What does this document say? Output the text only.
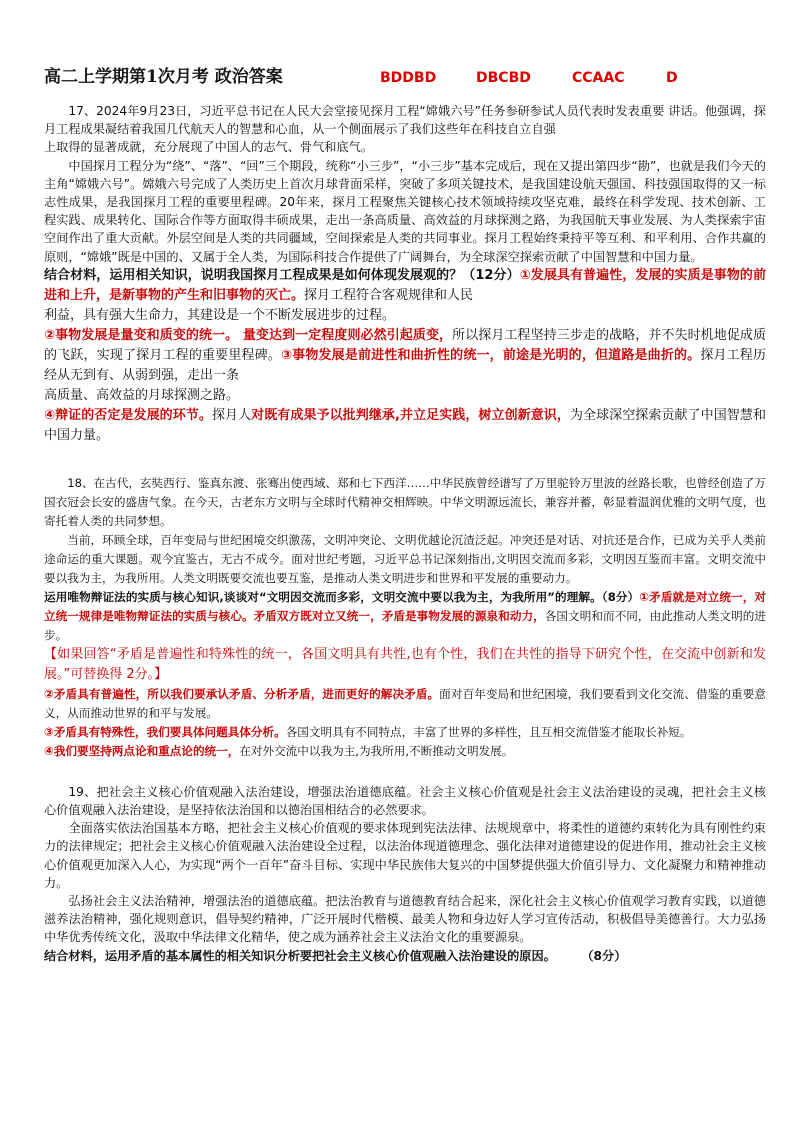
高二上学期第1次月考 政治答案	BDDBD	DBCBD	CCAAC	D

17、2024年9月23日，习近平总书记在人民大会堂接见探月工程“嫦娥六号”任务参研参试人员代表时发表重要 讲话。他强调，探月工程成果凝结着我国几代航天人的智慧和心血，从一个侧面展示了我们这些年在科技自立自强

上取得的显著成就，充分展现了中国人的志气、骨气和底气。

中国探月工程分为“绕”、“落”、“回”三个期段，统称“小三步”，“小三步”基本完成后，现在又提出第四步“勘”，也就是我们今天的主角“嫦娥六号”。嫦娥六号完成了人类历史上首次月球背面采样，突破了多项关键技术，是我国建设航天强国、科技强国取得的又一标志性成果，是我国探月工程的重要里程碑。20年来，探月工程聚焦关键核心技术领域持续攻坚克难，最终在科学发现、技术创新、工程实践、成果转化、国际合作等方面取得丰硕成果，走出一条高质量、高效益的月球探测之路，为我国航天事业发展、为人类探索宇宙空间作出了重大贡献。外层空间是人类的共同疆域，空间探索是人类的共同事业。探月工程始终秉持平等互利、和平利用、合作共赢的原则，“嫦娥”既是中国的、又属于全人类，为国际科技合作提供了广阔舞台，为全球深空探索贡献了中国智慧和中国力量。

结合材料，运用相关知识，说明我国探月工程成果是如何体现发展观的？（12分）①发展具有普遍性，发展的实质是事物的前进和上升，是新事物的产生和旧事物的灭亡。探月工程符合客观规律和人民

利益，具有强大生命力，其建设是一个不断发展进步的过程。

②事物发展是量变和质变的统一。 量变达到一定程度则必然引起质变，所以探月工程坚持三步走的战略，并不失时机地促成质的飞跃，实现了探月工程的重要里程碑。③事物发展是前进性和曲折性的统一，前途是光明的，但道路是曲折的。探月工程历经从无到有、从弱到强，走出一条

高质量、高效益的月球探测之路。

④辩证的否定是发展的环节。探月人对既有成果予以批判继承,并立足实践，树立创新意识，为全球深空探索贡献了中国智慧和中国力量。

18、在古代，玄奘西行、鉴真东渡、张骞出使西域、郑和七下西洋……中华民族曾经谱写了万里驼铃万里波的丝路长歌，也曾经创造了万国衣冠会长安的盛唐气象。在今天，古老东方文明与全球时代精神交相辉映。中华文明源远流长，兼容并蓄，彰显着温润优雅的文明气度，也寄托着人类的共同梦想。

当前，环顾全球，百年变局与世纪困境交织激荡，文明冲突论、文明优越论沉渣泛起。冲突还是对话、对抗还是合作，已成为关乎人类前途命运的重大课题。观今宜鉴古，无古不成今。面对世纪考题，习近平总书记深刻指出,文明因交流而多彩，文明因互鉴而丰富。文明交流中要以我为主，为我所用。人类文明既要交流也要互鉴，是推动人类文明进步和世界和平发展的重要动力。

运用唯物辩证法的实质与核心知识,谈谈对“文明因交流而多彩，文明交流中要以我为主，为我所用”的理解。（8分）①矛盾就是对立统一，对立统一规律是唯物辩证法的实质与核心。矛盾双方既对立又统一，矛盾是事物发展的源泉和动力，各国文明和而不同，由此推动人类文明的进步。

【如果回答“矛盾是普遍性和特殊性的统一，各国文明具有共性,也有个性，我们在共性的指导下研究个性，在交流中创新和发展。”可替换得 2分。】

②矛盾具有普遍性，所以我们要承认矛盾、分析矛盾，进而更好的解决矛盾。面对百年变局和世纪困境，我们要看到文化交流、借鉴的重要意义，从而推动世界的和平与发展。

③矛盾具有特殊性，我们要具体问题具体分析。各国文明具有不同特点，丰富了世界的多样性，且互相交流借鉴才能取长补短。

④我们要坚持两点论和重点论的统一，在对外交流中以我为主,为我所用,不断推动文明发展。

19、把社会主义核心价值观融入法治建设，增强法治道德底蕴。社会主义核心价值观是社会主义法治建设的灵魂，把社会主义核心价值观融入法治建设，是坚持依法治国和以德治国相结合的必然要求。

全面落实依法治国基本方略，把社会主义核心价值观的要求体现到宪法法律、法规规章中，将柔性的道德约束转化为具有刚性约束力的法律规定；把社会主义核心价值观融入法治建设全过程，以法治体现道德理念、强化法律对道德建设的促进作用，推动社会主义核心价值观更加深入人心，为实现“两个一百年”奋斗目标、实现中华民族伟大复兴的中国梦提供强大价值引导力、文化凝聚力和精神推动力。

弘扬社会主义法治精神，增强法治的道德底蕴。把法治教育与道德教育结合起来，深化社会主义核心价值观学习教育实践，以道德滋养法治精神，强化规则意识，倡导契约精神，广泛开展时代楷模、最美人物和身边好人学习宣传活动，积极倡导美德善行。大力弘扬中华优秀传统文化，汲取中华法律文化精华，使之成为涵养社会主义法治文化的重要源泉。

结合材料，运用矛盾的基本属性的相关知识分析要把社会主义核心价值观融入法治建设的原因。 （8分）
